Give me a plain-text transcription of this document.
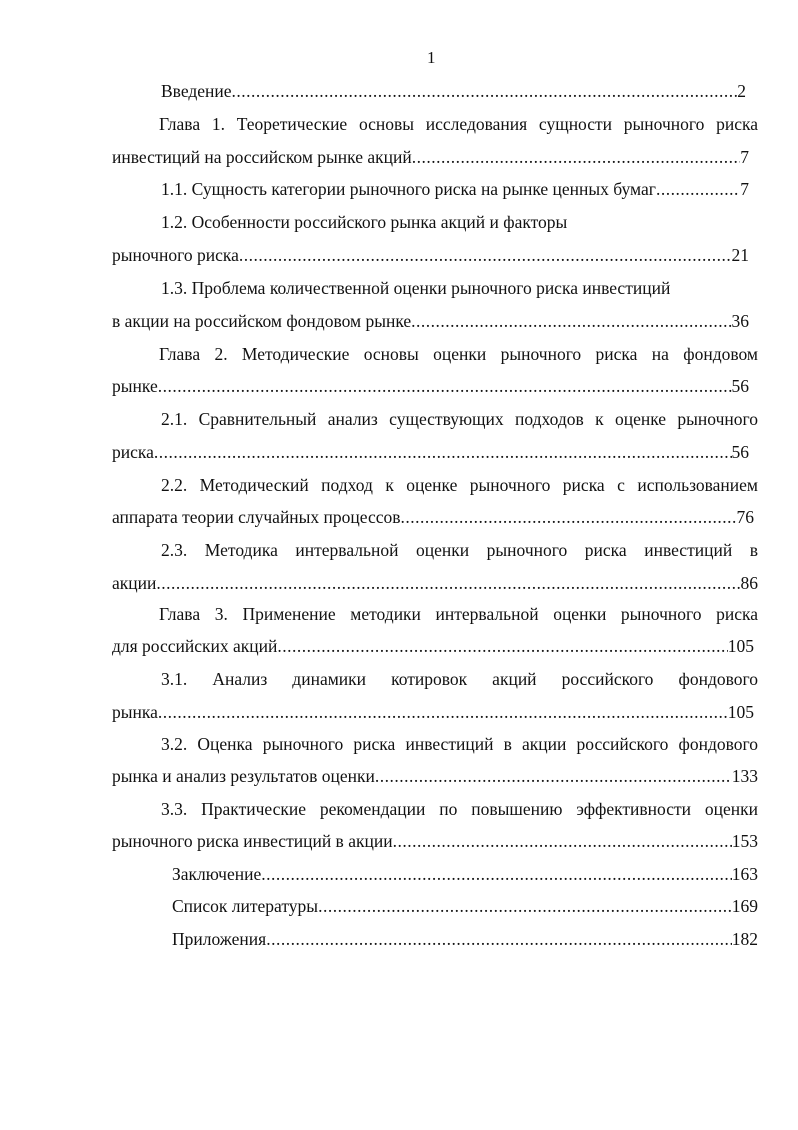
1
Введение .....	2
Глава 1. Теоретические основы исследования сущности рыночного риска
инвестиций на российском рынке акций .....	7
1.1. Сущность категории рыночного риска на рынке ценных бумаг .....	7
1.2. Особенности российского рынка акций и факторы
рыночного риска .....	21
1.3. Проблема количественной оценки рыночного риска инвестиций
в акции на российском фондовом рынке .....	36
Глава 2. Методические основы оценки рыночного риска на фондовом
рынке .....	56
2.1. Сравнительный анализ существующих подходов к оценке рыночного
риска .....	56
2.2. Методический подход к оценке рыночного риска с использованием
аппарата теории случайных процессов .....	76
2.3. Методика интервальной оценки рыночного риска инвестиций в
акции .....	86
Глава 3. Применение методики интервальной оценки рыночного риска
для российских акций .....	105
3.1. Анализ динамики котировок акций российского фондового
рынка .....	105
3.2. Оценка рыночного риска инвестиций в акции российского фондового
рынка и анализ результатов оценки .....	133
3.3. Практические рекомендации по повышению эффективности оценки
рыночного риска инвестиций в акции .....	153
Заключение .....	163
Список литературы .....	169
Приложения .....	182
